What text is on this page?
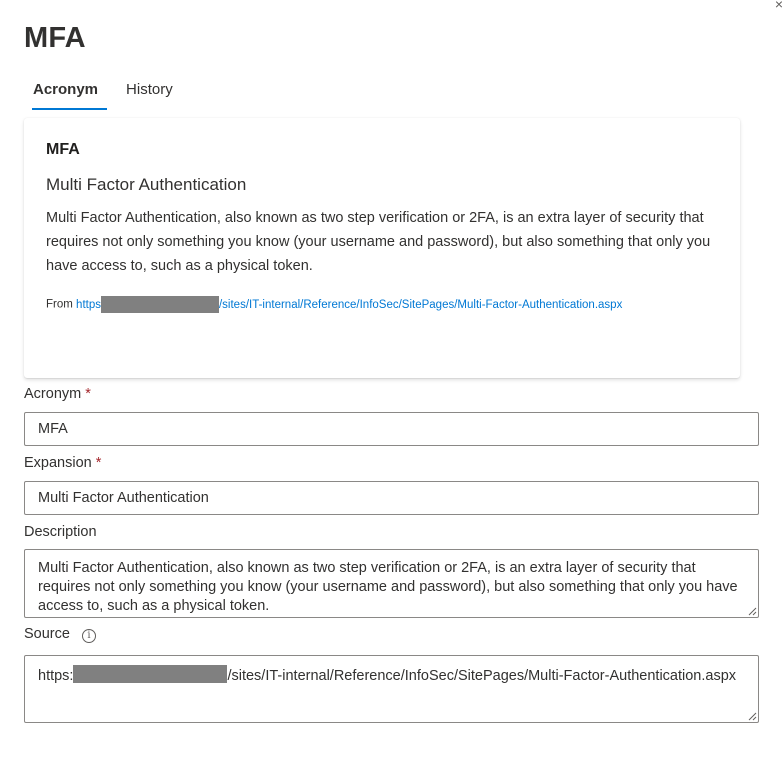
×
MFA
Acronym	History
MFA
Multi Factor Authentication
Multi Factor Authentication, also known as two step verification or 2FA, is an extra layer of security that requires not only something you know (your username and password), but also something that only you have access to, such as a physical token.
From https	/sites/IT-internal/Reference/InfoSec/SitePages/Multi-Factor-Authentication.aspx
Acronym *
MFA
Expansion *
Multi Factor Authentication
Description
Multi Factor Authentication, also known as two step verification or 2FA, is an extra layer of security that requires not only something you know (your username and password), but also something that only you have access to, such as a physical token.
Source i
https:	/sites/IT-internal/Reference/InfoSec/SitePages/Multi-Factor-Authentication.aspx
